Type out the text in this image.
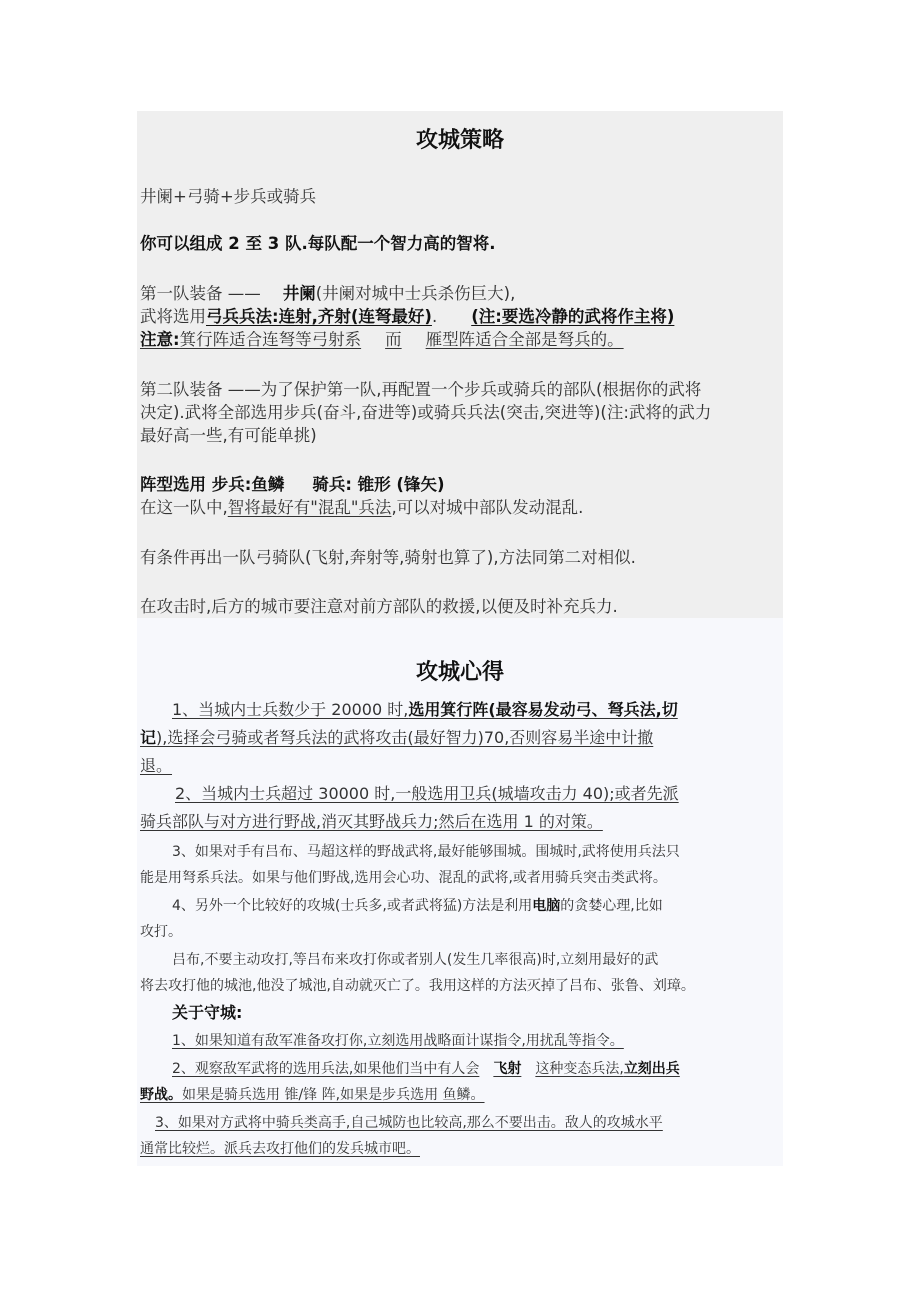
攻城策略
井阑+弓骑+步兵或骑兵
你可以组成 2 至 3 队.每队配一个智力高的智将.
第一队装备 —— 井阑(井阑对城中士兵杀伤巨大),
武将选用弓兵兵法:连射,齐射(连弩最好). (注:要选冷静的武将作主将)
注意:箕行阵适合连弩等弓射系 而 雁型阵适合全部是弩兵的。
第二队装备 ——为了保护第一队,再配置一个步兵或骑兵的部队(根据你的武将
决定).武将全部选用步兵(奋斗,奋进等)或骑兵兵法(突击,突进等)(注:武将的武力
最好高一些,有可能单挑)
阵型选用 步兵:鱼鳞 骑兵: 锥形 (锋矢)
在这一队中,智将最好有"混乱"兵法,可以对城中部队发动混乱.
有条件再出一队弓骑队(飞射,奔射等,骑射也算了),方法同第二对相似.
在攻击时,后方的城市要注意对前方部队的救援,以便及时补充兵力.
攻城心得
1、当城内士兵数少于 20000 时,选用箕行阵(最容易发动弓、弩兵法,切
记),选择会弓骑或者弩兵法的武将攻击(最好智力)70,否则容易半途中计撤
退。
2、当城内士兵超过 30000 时,一般选用卫兵(城墙攻击力 40);或者先派
骑兵部队与对方进行野战,消灭其野战兵力;然后在选用 1 的对策。
3、如果对手有吕布、马超这样的野战武将,最好能够围城。围城时,武将使用兵法只
能是用弩系兵法。如果与他们野战,选用会心功、混乱的武将,或者用骑兵突击类武将。
4、另外一个比较好的攻城(士兵多,或者武将猛)方法是利用电脑的贪婪心理,比如
攻打。
吕布,不要主动攻打,等吕布来攻打你或者别人(发生几率很高)时,立刻用最好的武
将去攻打他的城池,他没了城池,自动就灭亡了。我用这样的方法灭掉了吕布、张鲁、刘璋。
关于守城:
1、如果知道有敌军准备攻打你,立刻选用战略面计谋指令,用扰乱等指令。
2、观察敌军武将的选用兵法,如果他们当中有人会 飞射 这种变态兵法,立刻出兵
野战。如果是骑兵选用 锥/锋 阵,如果是步兵选用 鱼鳞。
3、如果对方武将中骑兵类高手,自己城防也比较高,那么不要出击。敌人的攻城水平
通常比较烂。派兵去攻打他们的发兵城市吧。
